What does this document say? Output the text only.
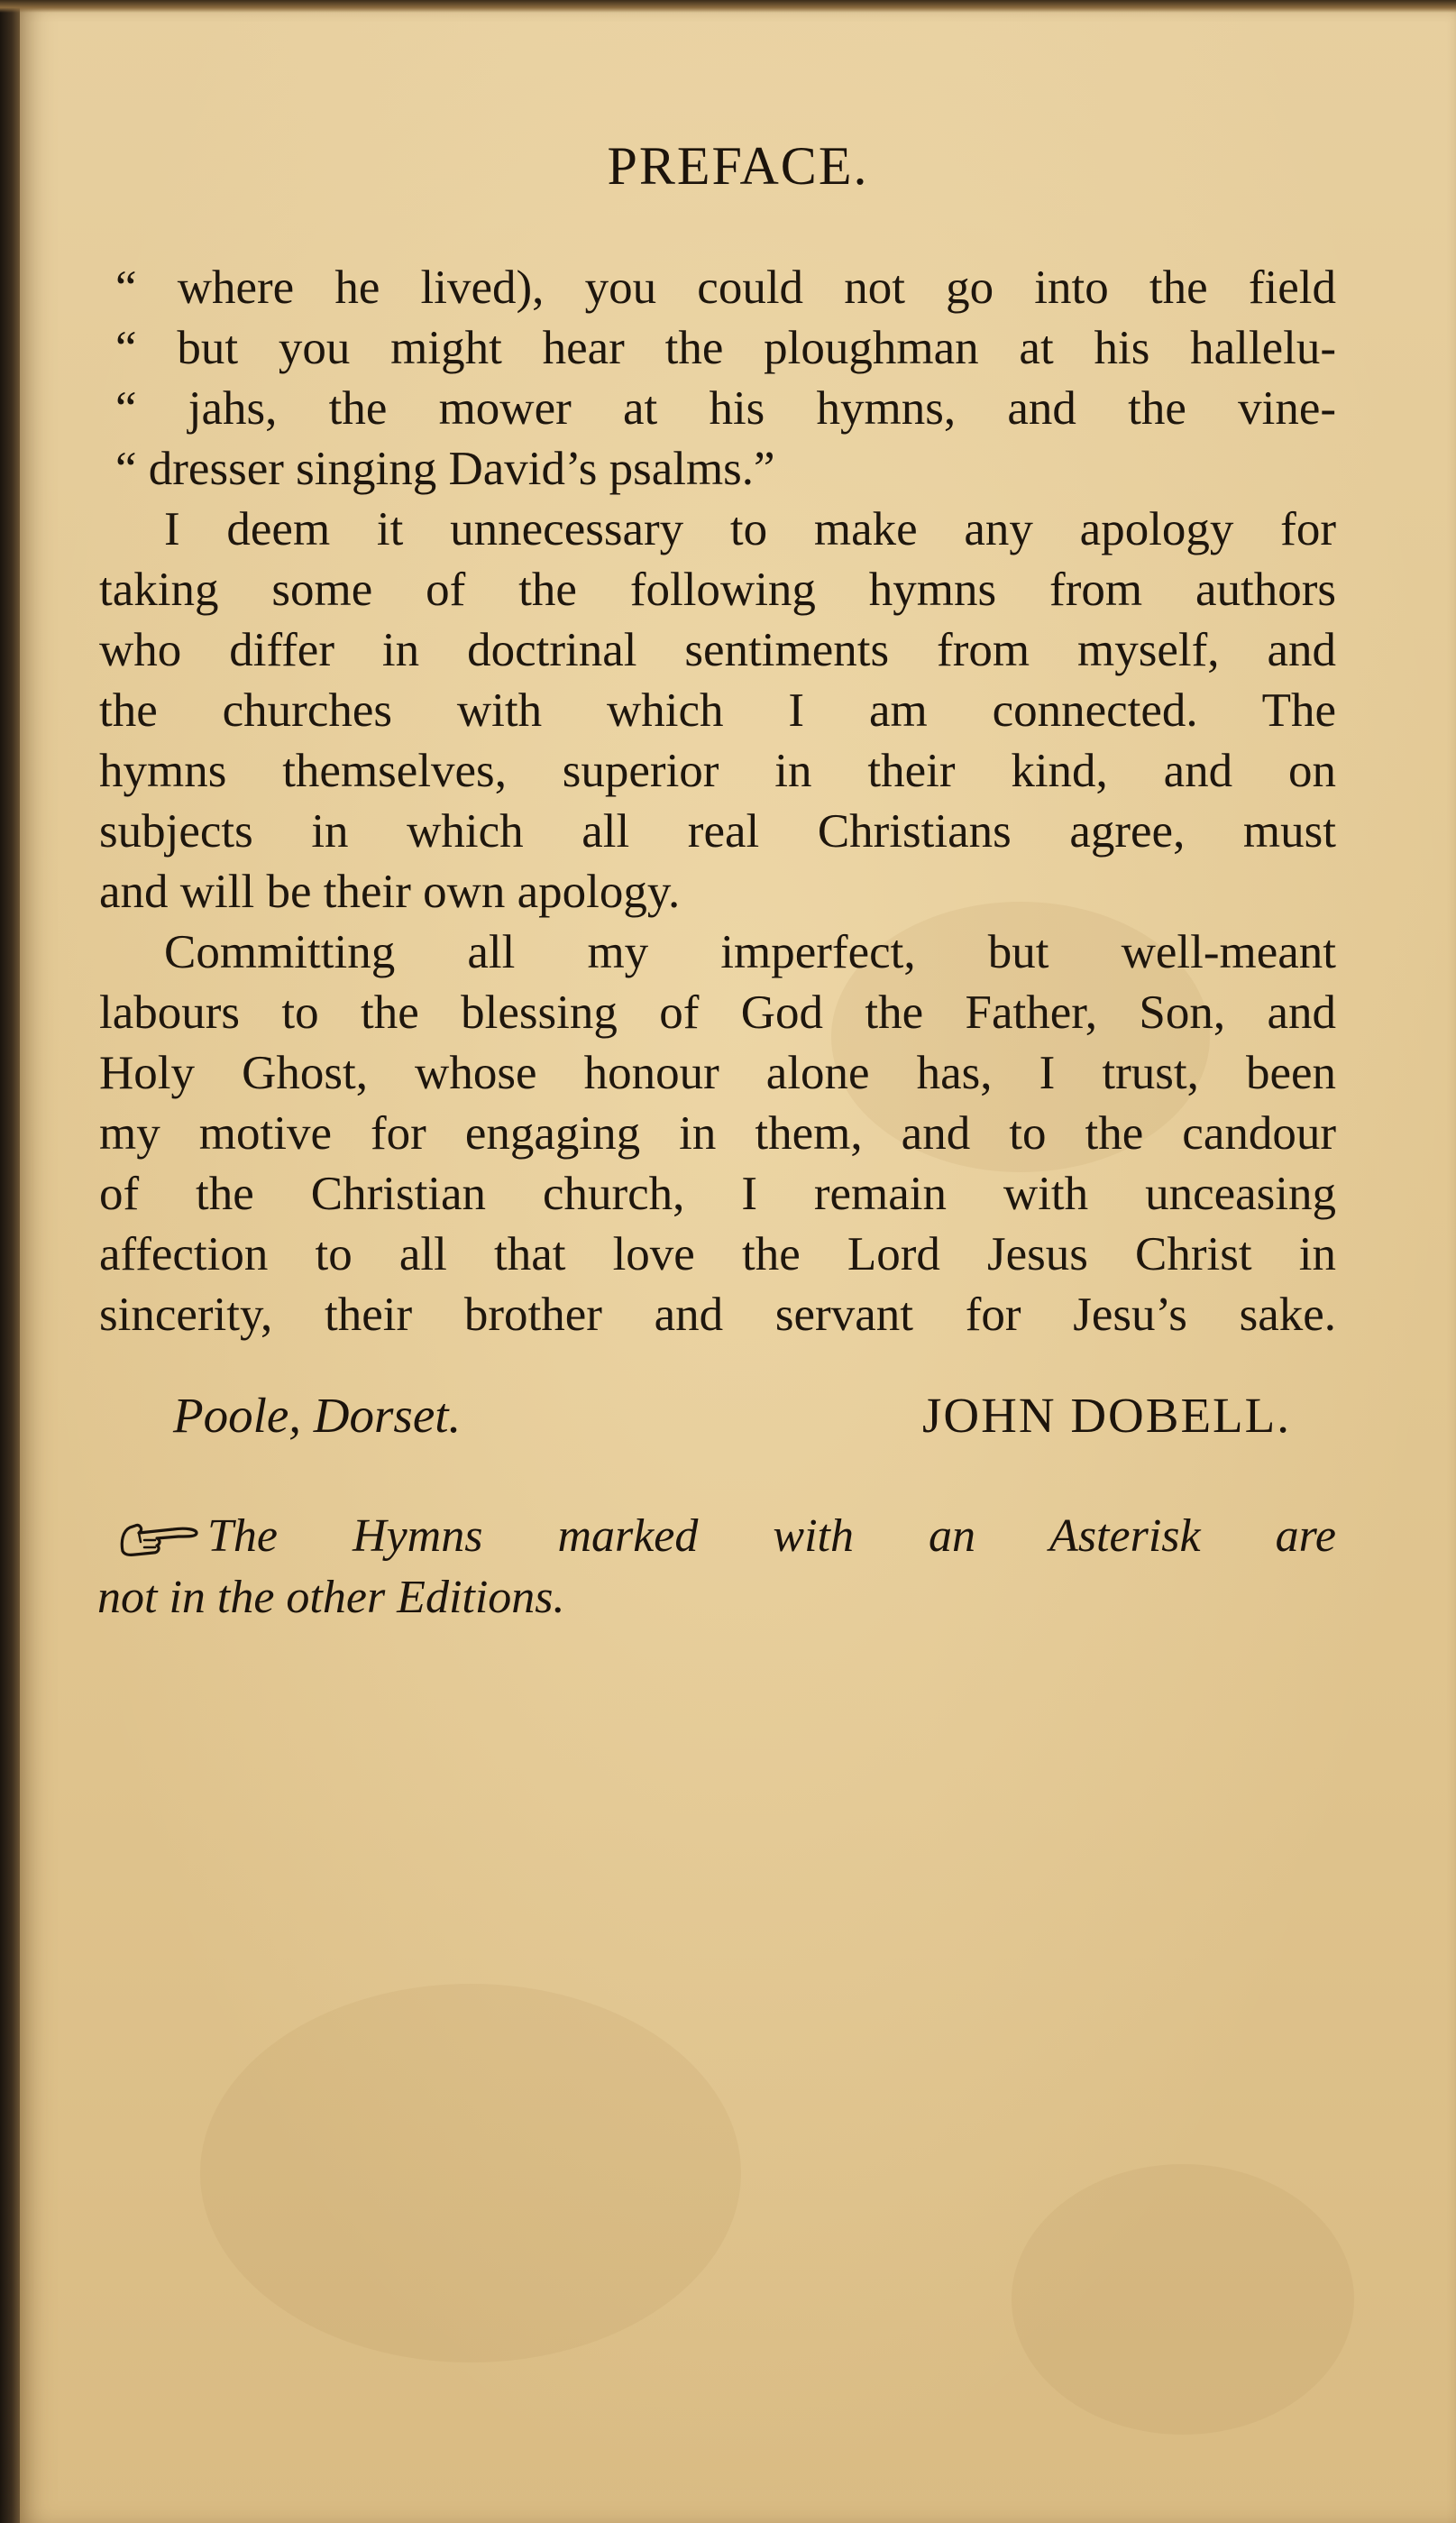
PREFACE.
“ where he lived), you could not go into the field
“ but you might hear the ploughman at his hallelu-
“ jahs, the mower at his hymns, and the vine-
“ dresser singing David’s psalms.”
I deem it unnecessary to make any apology for
taking some of the following hymns from authors
who differ in doctrinal sentiments from myself, and
the churches with which I am connected. The
hymns themselves, superior in their kind, and on
subjects in which all real Christians agree, must
and will be their own apology.
Committing all my imperfect, but well-meant
labours to the blessing of God the Father, Son, and
Holy Ghost, whose honour alone has, I trust, been
my motive for engaging in them, and to the candour
of the Christian church, I remain with unceasing
affection to all that love the Lord Jesus Christ in
sincerity, their brother and servant for Jesu’s sake.
Poole, Dorset.	JOHN DOBELL.
The Hymns marked with an Asterisk are
not in the other Editions.
